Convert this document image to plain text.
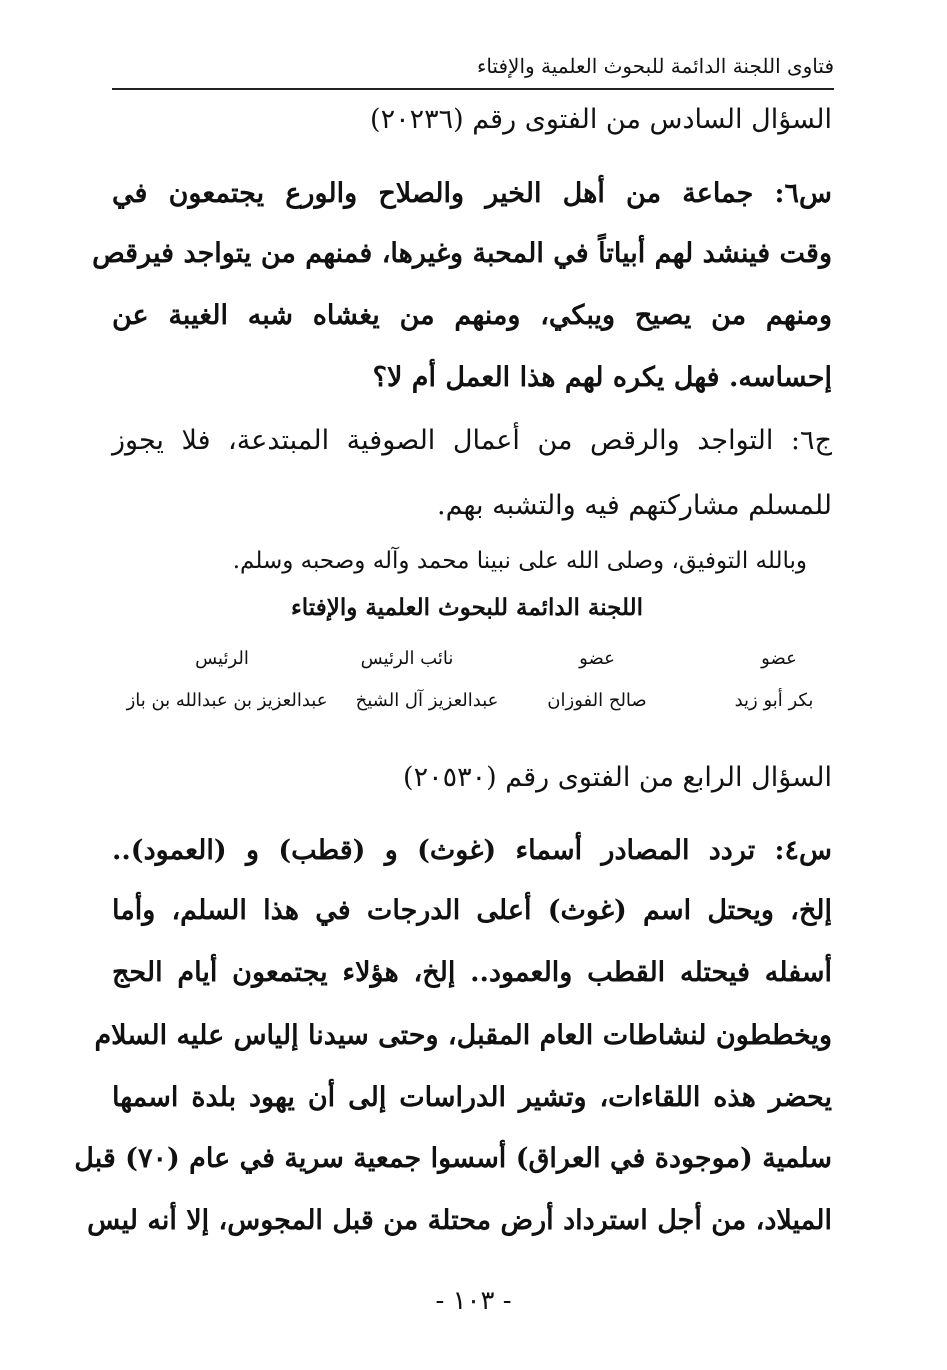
فتاوى اللجنة الدائمة للبحوث العلمية والإفتاء
السؤال السادس من الفتوى رقم (٢٠٢٣٦)
س٦: جماعة من أهل الخير والصلاح والورع يجتمعون في
وقت فينشد لهم أبياتاً في المحبة وغيرها، فمنهم من يتواجد فيرقص
ومنهم من يصيح ويبكي، ومنهم من يغشاه شبه الغيبة عن
إحساسه. فهل يكره لهم هذا العمل أم لا؟
ج٦: التواجد والرقص من أعمال الصوفية المبتدعة، فلا يجوز
للمسلم مشاركتهم فيه والتشبه بهم.
وبالله التوفيق، وصلى الله على نبينا محمد وآله وصحبه وسلم.
اللجنة الدائمة للبحوث العلمية والإفتاء
عضو
عضو
نائب الرئيس
الرئيس
بكر أبو زيد
صالح الفوزان
عبدالعزيز آل الشيخ
عبدالعزيز بن عبدالله بن باز
السؤال الرابع من الفتوى رقم (٢٠٥٣٠)
س٤: تردد المصادر أسماء (غوث) و (قطب) و (العمود)..
إلخ، ويحتل اسم (غوث) أعلى الدرجات في هذا السلم، وأما
أسفله فيحتله القطب والعمود.. إلخ، هؤلاء يجتمعون أيام الحج
ويخططون لنشاطات العام المقبل، وحتى سيدنا إلياس عليه السلام
يحضر هذه اللقاءات، وتشير الدراسات إلى أن يهود بلدة اسمها
سلمية (موجودة في العراق) أسسوا جمعية سرية في عام (٧٠) قبل
الميلاد، من أجل استرداد أرض محتلة من قبل المجوس، إلا أنه ليس
- ١٠٣ -
